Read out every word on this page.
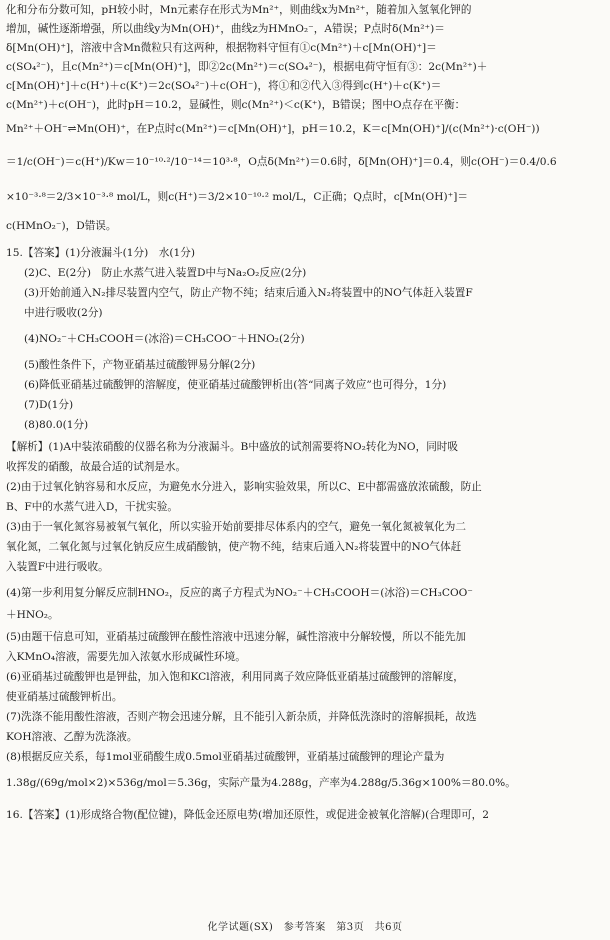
化和分布分数可知，pH较小时，Mn元素存在形式为Mn²⁺，则曲线x为Mn²⁺，随着加入氢氧化钾的
增加，碱性逐渐增强，所以曲线y为Mn(OH)⁺，曲线z为HMnO₂⁻，A错误；P点时δ(Mn²⁺)＝
δ[Mn(OH)⁺]，溶液中含Mn微粒只有这两种，根据物料守恒有①c(Mn²⁺)＋c[Mn(OH)⁺]＝
c(SO₄²⁻)，且c(Mn²⁺)＝c[Mn(OH)⁺]，即②2c(Mn²⁺)＝c(SO₄²⁻)，根据电荷守恒有③：2c(Mn²⁺)＋
c[Mn(OH)⁺]＋c(H⁺)＋c(K⁺)＝2c(SO₄²⁻)＋c(OH⁻)，将①和②代入③得到c(H⁺)＋c(K⁺)＝
c(Mn²⁺)＋c(OH⁻)，此时pH＝10.2，显碱性，则c(Mn²⁺)＜c(K⁺)，B错误；图中O点存在平衡：
Mn²⁺＋OH⁻⇌Mn(OH)⁺，在P点时c(Mn²⁺)＝c[Mn(OH)⁺]，pH＝10.2，K＝c[Mn(OH)⁺]/(c(Mn²⁺)·c(OH⁻))
＝1/c(OH⁻)＝c(H⁺)/Kw＝10⁻¹⁰·²/10⁻¹⁴＝10³·⁸，O点δ(Mn²⁺)＝0.6时，δ[Mn(OH)⁺]＝0.4，则c(OH⁻)＝0.4/0.6
×10⁻³·⁸＝2/3×10⁻³·⁸ mol/L，则c(H⁺)＝3/2×10⁻¹⁰·² mol/L，C正确；Q点时，c[Mn(OH)⁺]＝
c(HMnO₂⁻)，D错误。
15.【答案】(1)分液漏斗(1分)　水(1分)
(2)C、E(2分)　防止水蒸气进入装置D中与Na₂O₂反应(2分)
(3)开始前通入N₂排尽装置内空气，防止产物不纯；结束后通入N₂将装置中的NO气体赶入装置F
中进行吸收(2分)
(4)NO₂⁻＋CH₃COOH＝(冰浴)＝CH₃COO⁻＋HNO₂(2分)
(5)酸性条件下，产物亚硝基过硫酸钾易分解(2分)
(6)降低亚硝基过硫酸钾的溶解度，使亚硝基过硫酸钾析出(答“同离子效应”也可得分，1分)
(7)D(1分)
(8)80.0(1分)
【解析】(1)A中装浓硝酸的仪器名称为分液漏斗。B中盛放的试剂需要将NO₂转化为NO，同时吸
收挥发的硝酸，故最合适的试剂是水。
(2)由于过氧化钠容易和水反应，为避免水分进入，影响实验效果，所以C、E中都需盛放浓硫酸，防止
B、F中的水蒸气进入D，干扰实验。
(3)由于一氧化氮容易被氧气氧化，所以实验开始前要排尽体系内的空气，避免一氧化氮被氧化为二
氧化氮，二氧化氮与过氧化钠反应生成硝酸钠，使产物不纯，结束后通入N₂将装置中的NO气体赶
入装置F中进行吸收。
(4)第一步利用复分解反应制HNO₂，反应的离子方程式为NO₂⁻＋CH₃COOH＝(冰浴)＝CH₃COO⁻
＋HNO₂。
(5)由题干信息可知，亚硝基过硫酸钾在酸性溶液中迅速分解，碱性溶液中分解较慢，所以不能先加
入KMnO₄溶液，需要先加入浓氨水形成碱性环境。
(6)亚硝基过硫酸钾也是钾盐，加入饱和KCl溶液，利用同离子效应降低亚硝基过硫酸钾的溶解度，
使亚硝基过硫酸钾析出。
(7)洗涤不能用酸性溶液，否则产物会迅速分解，且不能引入新杂质，并降低洗涤时的溶解损耗，故选
KOH溶液、乙醇为洗涤液。
(8)根据反应关系，每1mol亚硝酸生成0.5mol亚硝基过硫酸钾，亚硝基过硫酸钾的理论产量为
1.38g/(69g/mol×2)×536g/mol＝5.36g，实际产量为4.288g，产率为4.288g/5.36g×100%＝80.0%。
16.【答案】(1)形成络合物(配位键)，降低金还原电势(增加还原性，或促进金被氧化溶解)(合理即可，2
化学试题(SX)　参考答案　第3页　共6页
